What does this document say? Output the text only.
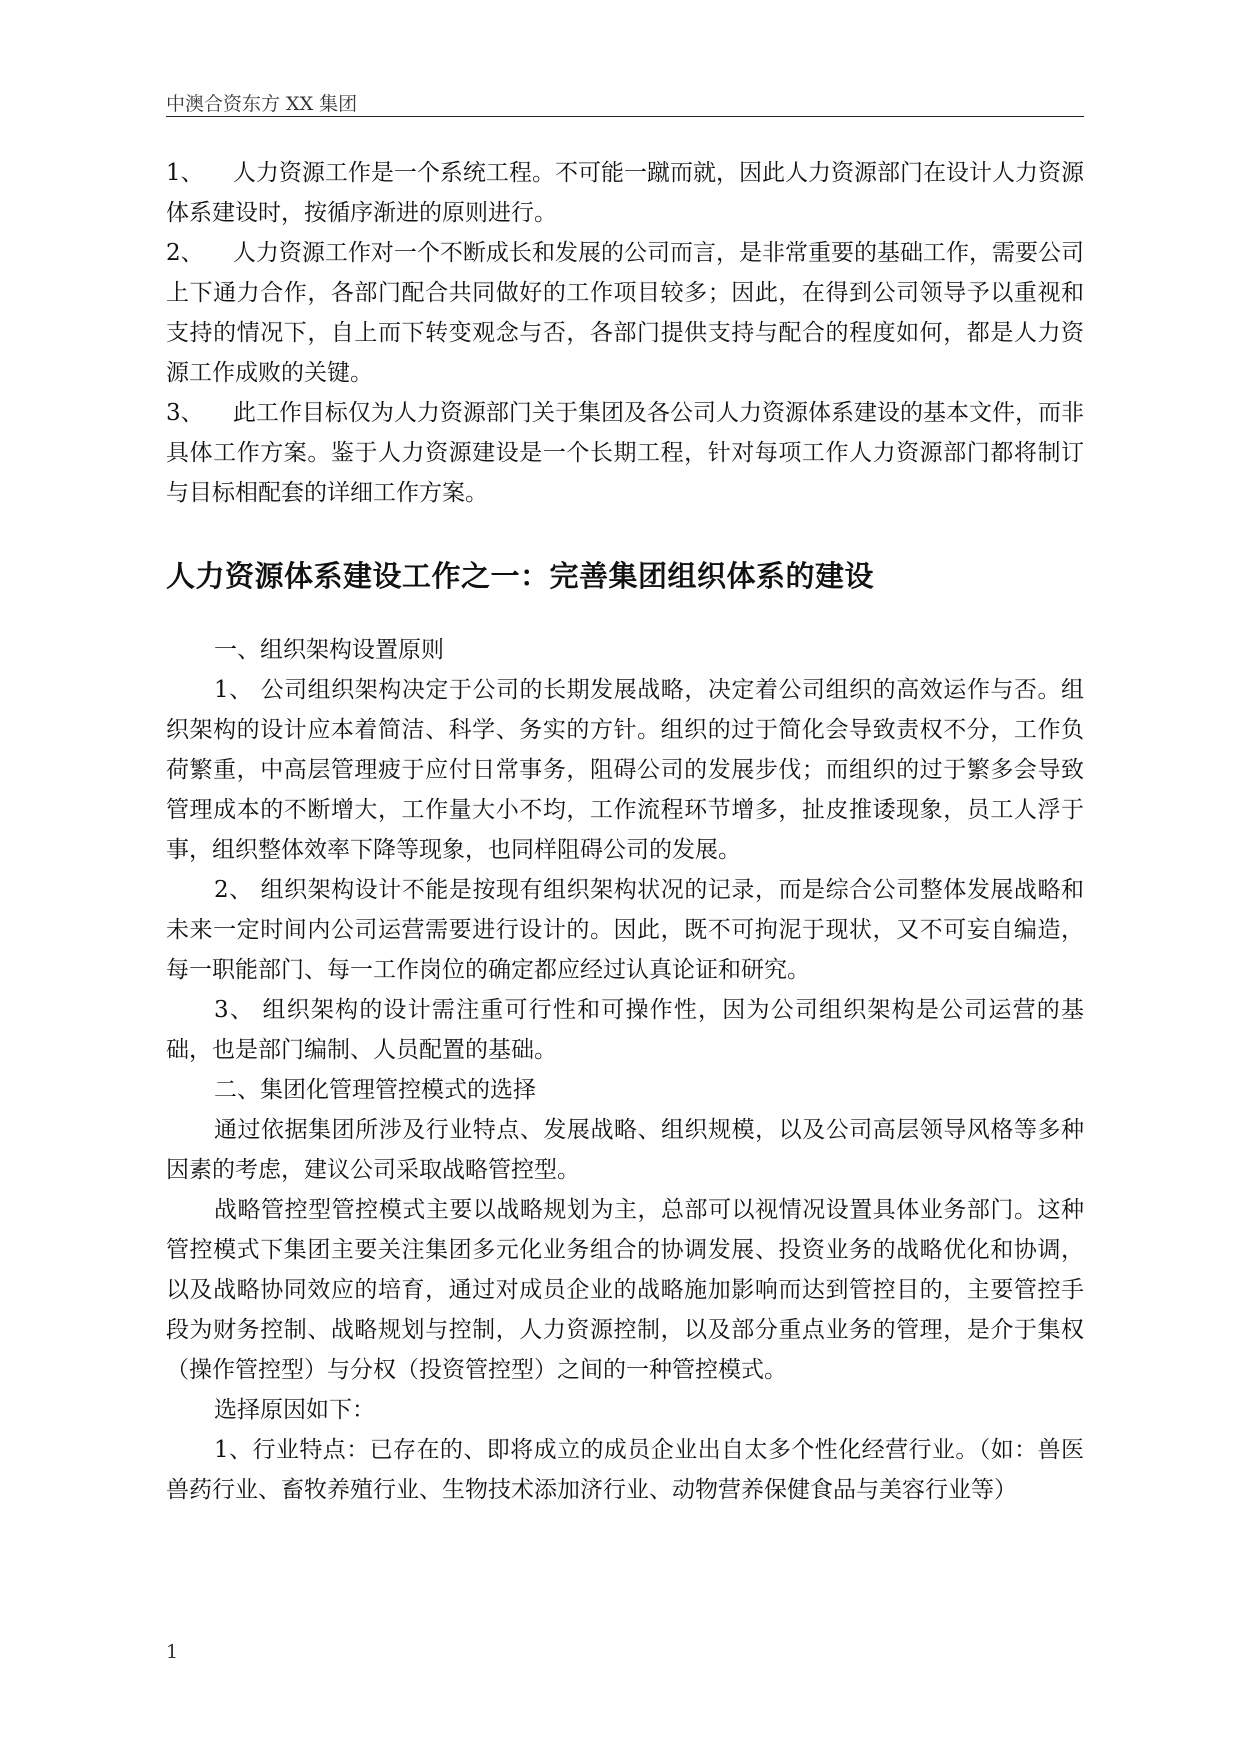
中澳合资东方 XX 集团

1、 人力资源工作是一个系统工程。不可能一蹴而就，因此人力资源部门在设计人力资源体系建设时，按循序渐进的原则进行。

2、 人力资源工作对一个不断成长和发展的公司而言，是非常重要的基础工作，需要公司上下通力合作，各部门配合共同做好的工作项目较多；因此，在得到公司领导予以重视和支持的情况下，自上而下转变观念与否，各部门提供支持与配合的程度如何，都是人力资源工作成败的关键。

3、 此工作目标仅为人力资源部门关于集团及各公司人力资源体系建设的基本文件，而非具体工作方案。鉴于人力资源建设是一个长期工程，针对每项工作人力资源部门都将制订与目标相配套的详细工作方案。

人力资源体系建设工作之一：完善集团组织体系的建设

一、组织架构设置原则

1、 公司组织架构决定于公司的长期发展战略，决定着公司组织的高效运作与否。组织架构的设计应本着简洁、科学、务实的方针。组织的过于简化会导致责权不分，工作负荷繁重，中高层管理疲于应付日常事务，阻碍公司的发展步伐；而组织的过于繁多会导致管理成本的不断增大，工作量大小不均，工作流程环节增多，扯皮推诿现象，员工人浮于事，组织整体效率下降等现象，也同样阻碍公司的发展。

2、 组织架构设计不能是按现有组织架构状况的记录，而是综合公司整体发展战略和未来一定时间内公司运营需要进行设计的。因此，既不可拘泥于现状，又不可妄自编造，每一职能部门、每一工作岗位的确定都应经过认真论证和研究。

3、 组织架构的设计需注重可行性和可操作性，因为公司组织架构是公司运营的基础，也是部门编制、人员配置的基础。

二、集团化管理管控模式的选择

通过依据集团所涉及行业特点、发展战略、组织规模，以及公司高层领导风格等多种因素的考虑，建议公司采取战略管控型。

战略管控型管控模式主要以战略规划为主，总部可以视情况设置具体业务部门。这种管控模式下集团主要关注集团多元化业务组合的协调发展、投资业务的战略优化和协调，以及战略协同效应的培育，通过对成员企业的战略施加影响而达到管控目的，主要管控手段为财务控制、战略规划与控制，人力资源控制，以及部分重点业务的管理，是介于集权（操作管控型）与分权（投资管控型）之间的一种管控模式。

选择原因如下：

1、行业特点：已存在的、即将成立的成员企业出自太多个性化经营行业。（如：兽医兽药行业、畜牧养殖行业、生物技术添加济行业、动物营养保健食品与美容行业等）

1
